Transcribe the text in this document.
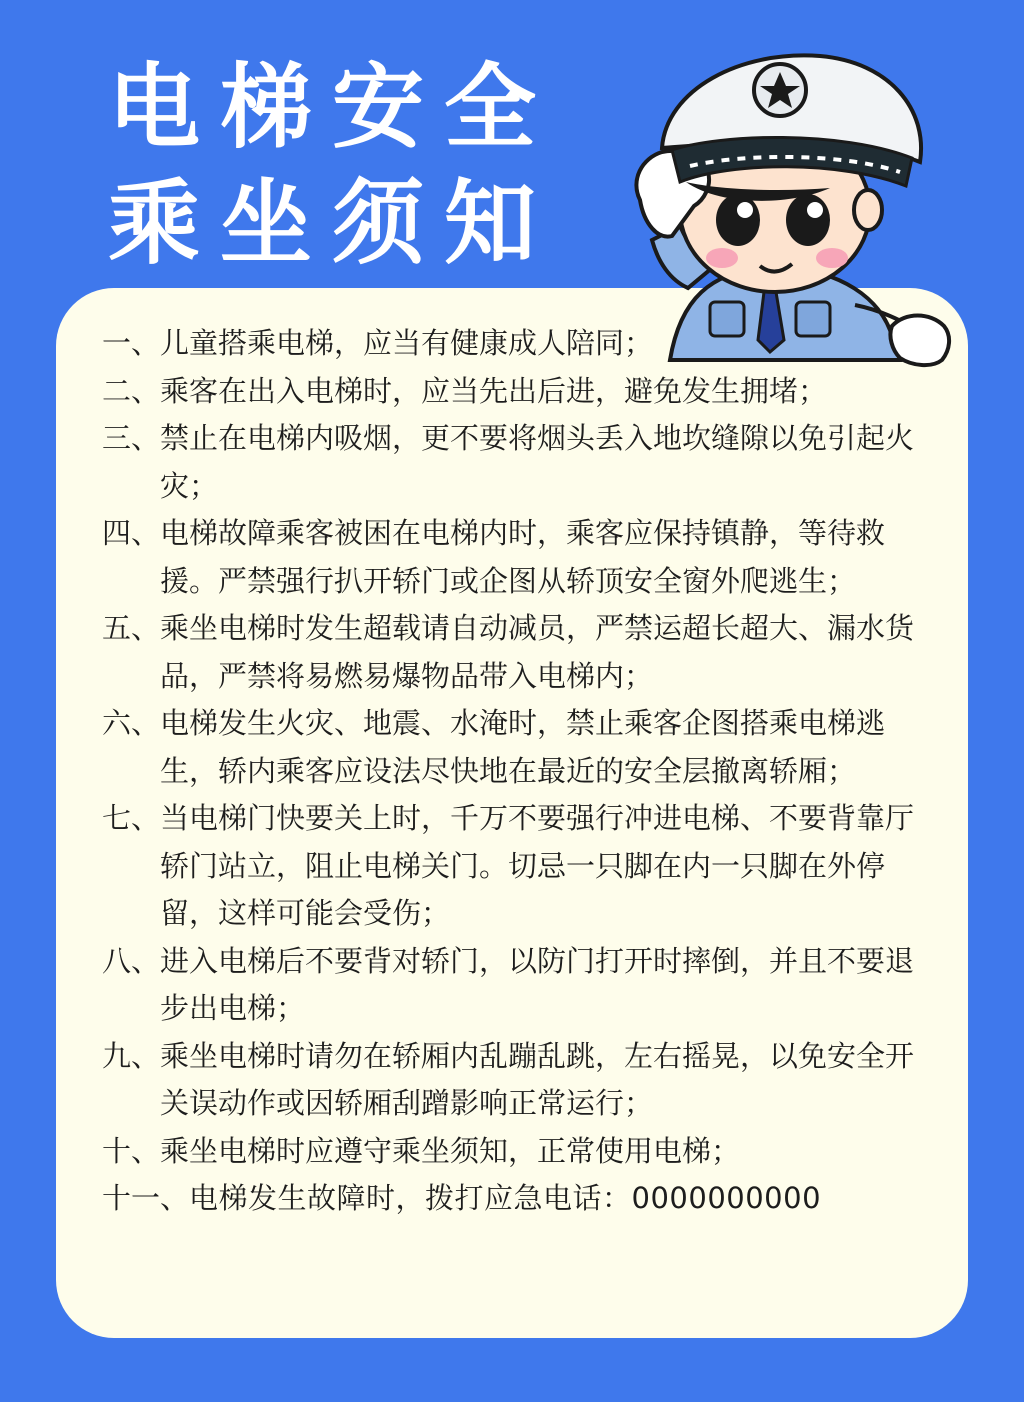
电梯安全
乘坐须知
一、 儿童搭乘电梯，应当有健康成人陪同；
二、 乘客在出入电梯时，应当先出后进，避免发生拥堵；
三、 禁止在电梯内吸烟，更不要将烟头丢入地坎缝隙以免引起火灾；
四、 电梯故障乘客被困在电梯内时，乘客应保持镇静，等待救援。严禁强行扒开轿门或企图从轿顶安全窗外爬逃生；
五、 乘坐电梯时发生超载请自动减员，严禁运超长超大、漏水货品，严禁将易燃易爆物品带入电梯内；
六、 电梯发生火灾、地震、水淹时，禁止乘客企图搭乘电梯逃生，轿内乘客应设法尽快地在最近的安全层撤离轿厢；
七、 当电梯门快要关上时，千万不要强行冲进电梯、不要背靠厅轿门站立，阻止电梯关门。切忌一只脚在内一只脚在外停留，这样可能会受伤；
八、 进入电梯后不要背对轿门，以防门打开时摔倒，并且不要退步出电梯；
九、 乘坐电梯时请勿在轿厢内乱蹦乱跳，左右摇晃，以免安全开关误动作或因轿厢刮蹭影响正常运行；
十、 乘坐电梯时应遵守乘坐须知，正常使用电梯；
十一、 电梯发生故障时，拨打应急电话：0000000000
